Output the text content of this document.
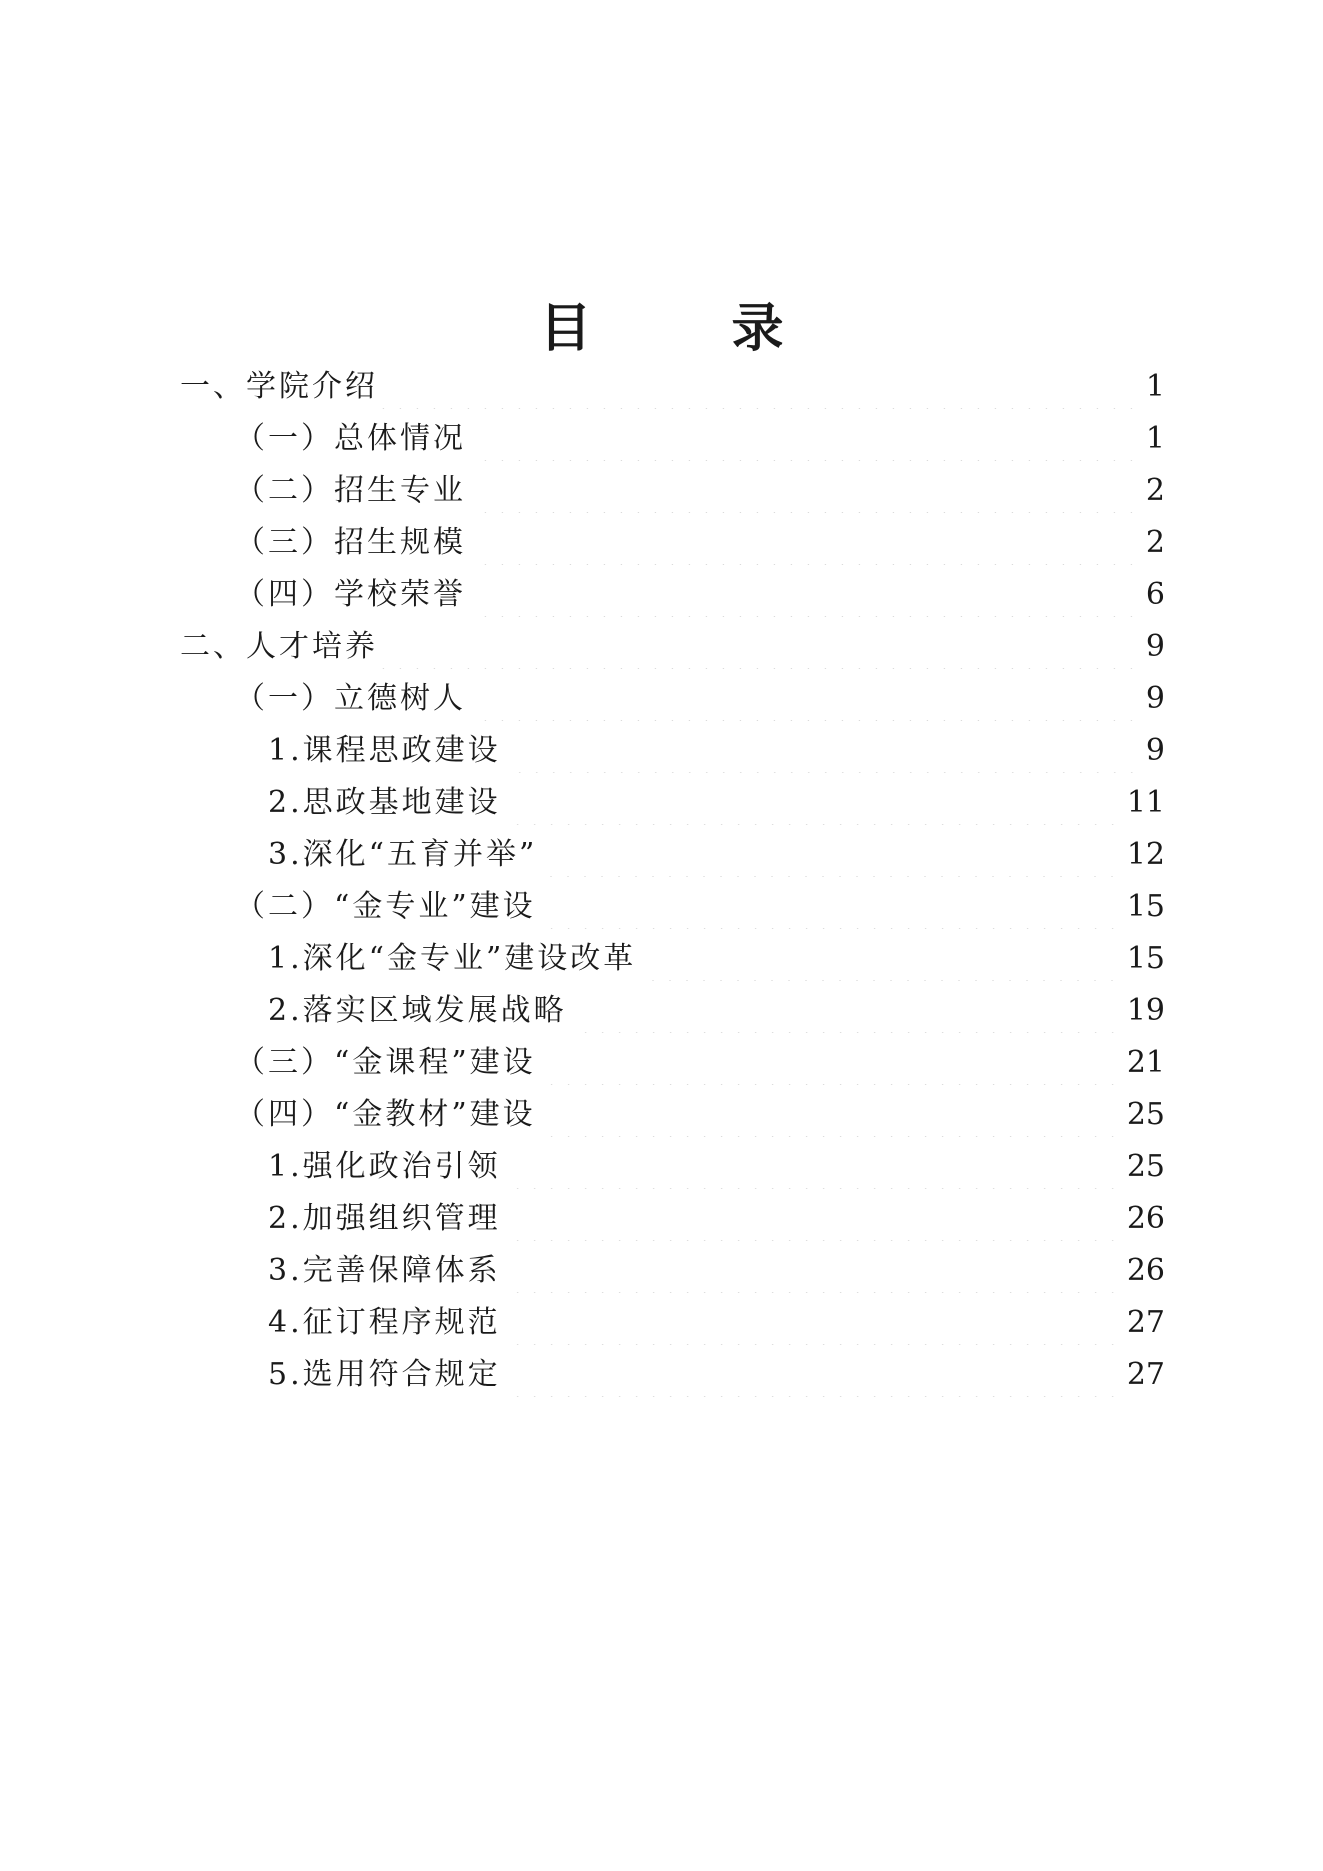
目　录
一、学院介绍	1
（一）总体情况	1
（二）招生专业	2
（三）招生规模	2
（四）学校荣誉	6
二、人才培养	9
（一）立德树人	9
1.课程思政建设	9
2.思政基地建设	11
3.深化“五育并举”	12
（二）“金专业”建设	15
1.深化“金专业”建设改革	15
2.落实区域发展战略	19
（三）“金课程”建设	21
（四）“金教材”建设	25
1.强化政治引领	25
2.加强组织管理	26
3.完善保障体系	26
4.征订程序规范	27
5.选用符合规定	27
